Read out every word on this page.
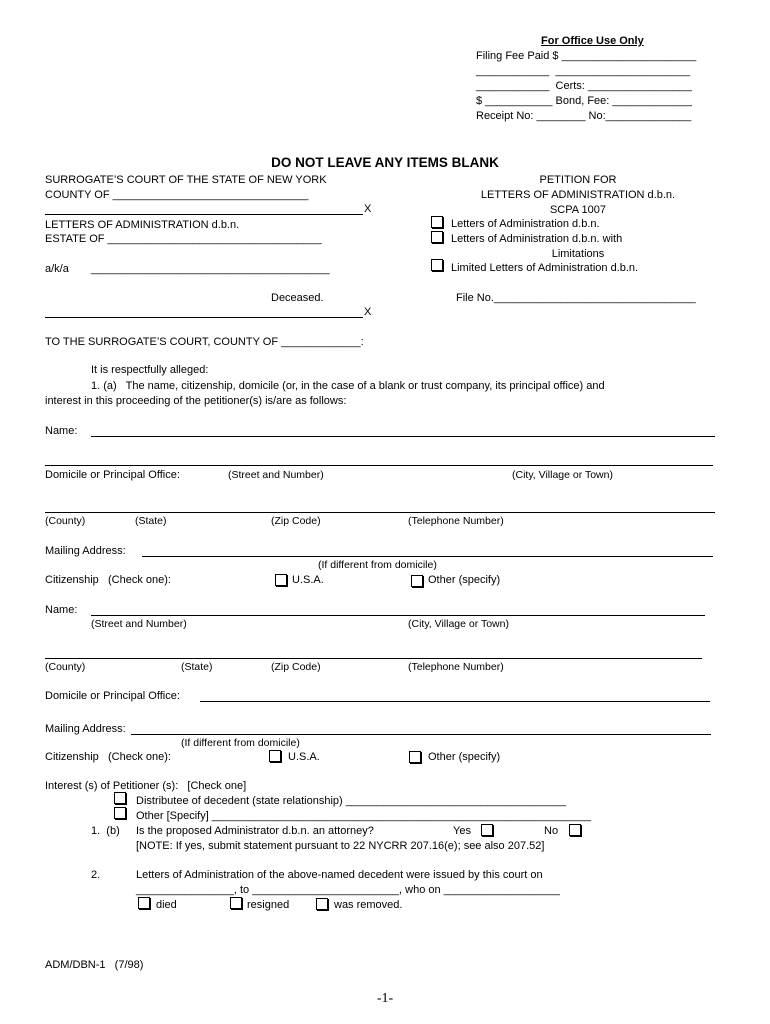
For Office Use Only
Filing Fee Paid $ ______________________
____________  ______________________
____________  Certs: _________________
$ ___________ Bond, Fee: _____________
Receipt No: ________ No:______________
DO NOT LEAVE ANY ITEMS BLANK
SURROGATE’S COURT OF THE STATE OF NEW YORK
COUNTY OF ________________________________
X
LETTERS OF ADMINISTRATION d.b.n.
ESTATE OF ___________________________________
a/k/a _______________________________________
Deceased.
X
PETITION FOR
LETTERS OF ADMINISTRATION d.b.n.
SCPA 1007
Letters of Administration d.b.n.
Letters of Administration d.b.n. with
Limitations
Limited Letters of Administration d.b.n.
File No._________________________________
TO THE SURROGATE’S COURT, COUNTY OF _____________:
It is respectfully alleged:
1. (a)   The name, citizenship, domicile (or, in the case of a blank or trust company, its principal office) and
interest in this proceeding of the petitioner(s) is/are as follows:
Name:
Domicile or Principal Office:	(Street and Number)	(City, Village or Town)
(County)	(State)	(Zip Code)	(Telephone Number)
Mailing Address:
(If different from domicile)
Citizenship   (Check one):	U.S.A.	Other (specify)
Name:
(Street and Number)	(City, Village or Town)
(County)	(State)	(Zip Code)	(Telephone Number)
Domicile or Principal Office:
Mailing Address:
(If different from domicile)
Citizenship   (Check one):	U.S.A.	Other (specify)
Interest (s) of Petitioner (s):   [Check one]
Distributee of decedent (state relationship) ____________________________________
Other [Specify] ______________________________________________________________
1.  (b) Is the proposed Administrator d.b.n. an attorney?	Yes	No
[NOTE: If yes, submit statement pursuant to 22 NYCRR 207.16(e); see also 207.52]
2.	Letters of Administration of the above-named decedent were issued by this court on
________________, to ________________________, who on ___________________
died	resigned	was removed.
ADM/DBN-1   (7/98)
-1-
